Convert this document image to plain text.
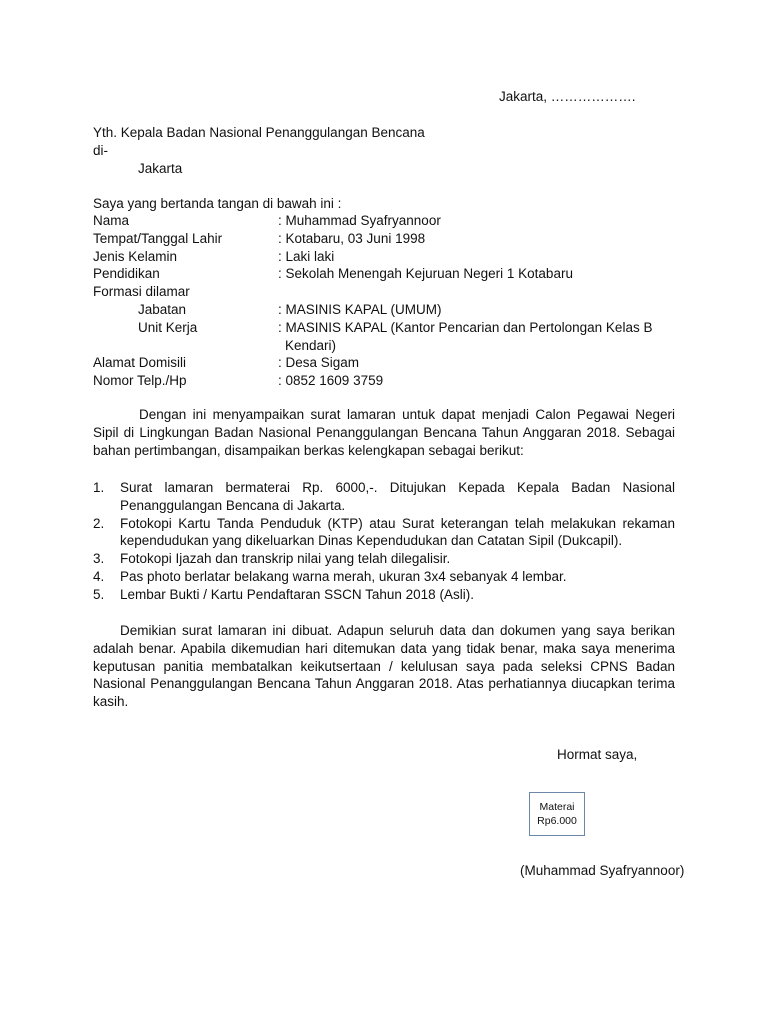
Jakarta, ……………….
Yth. Kepala Badan Nasional Penanggulangan Bencana
di-
Jakarta
Saya yang bertanda tangan di bawah ini :
Nama	: Muhammad Syafryannoor
Tempat/Tanggal Lahir	: Kotabaru, 03 Juni 1998
Jenis Kelamin	: Laki laki
Pendidikan	: Sekolah Menengah Kejuruan Negeri 1 Kotabaru
Formasi dilamar
Jabatan	: MASINIS KAPAL (UMUM)
Unit Kerja	: MASINIS KAPAL (Kantor Pencarian dan Pertolongan Kelas B
Kendari)
Alamat Domisili	: Desa Sigam
Nomor Telp./Hp	: 0852 1609 3759
Dengan ini menyampaikan surat lamaran untuk dapat menjadi Calon Pegawai Negeri Sipil di Lingkungan Badan Nasional Penanggulangan Bencana Tahun Anggaran 2018. Sebagai bahan pertimbangan, disampaikan berkas kelengkapan sebagai berikut:
1. Surat lamaran bermaterai Rp. 6000,-. Ditujukan Kepada Kepala Badan Nasional Penanggulangan Bencana di Jakarta.
2. Fotokopi Kartu Tanda Penduduk (KTP) atau Surat keterangan telah melakukan rekaman kependudukan yang dikeluarkan Dinas Kependudukan dan Catatan Sipil (Dukcapil).
3. Fotokopi Ijazah dan transkrip nilai yang telah dilegalisir.
4. Pas photo berlatar belakang warna merah, ukuran 3x4 sebanyak 4 lembar.
5. Lembar Bukti / Kartu Pendaftaran SSCN Tahun 2018 (Asli).
Demikian surat lamaran ini dibuat. Adapun seluruh data dan dokumen yang saya berikan adalah benar. Apabila dikemudian hari ditemukan data yang tidak benar, maka saya menerima keputusan panitia membatalkan keikutsertaan / kelulusan saya pada seleksi CPNS Badan Nasional Penanggulangan Bencana Tahun Anggaran 2018. Atas perhatiannya diucapkan terima kasih.
Hormat saya,
Materai
Rp6.000
(Muhammad Syafryannoor)
